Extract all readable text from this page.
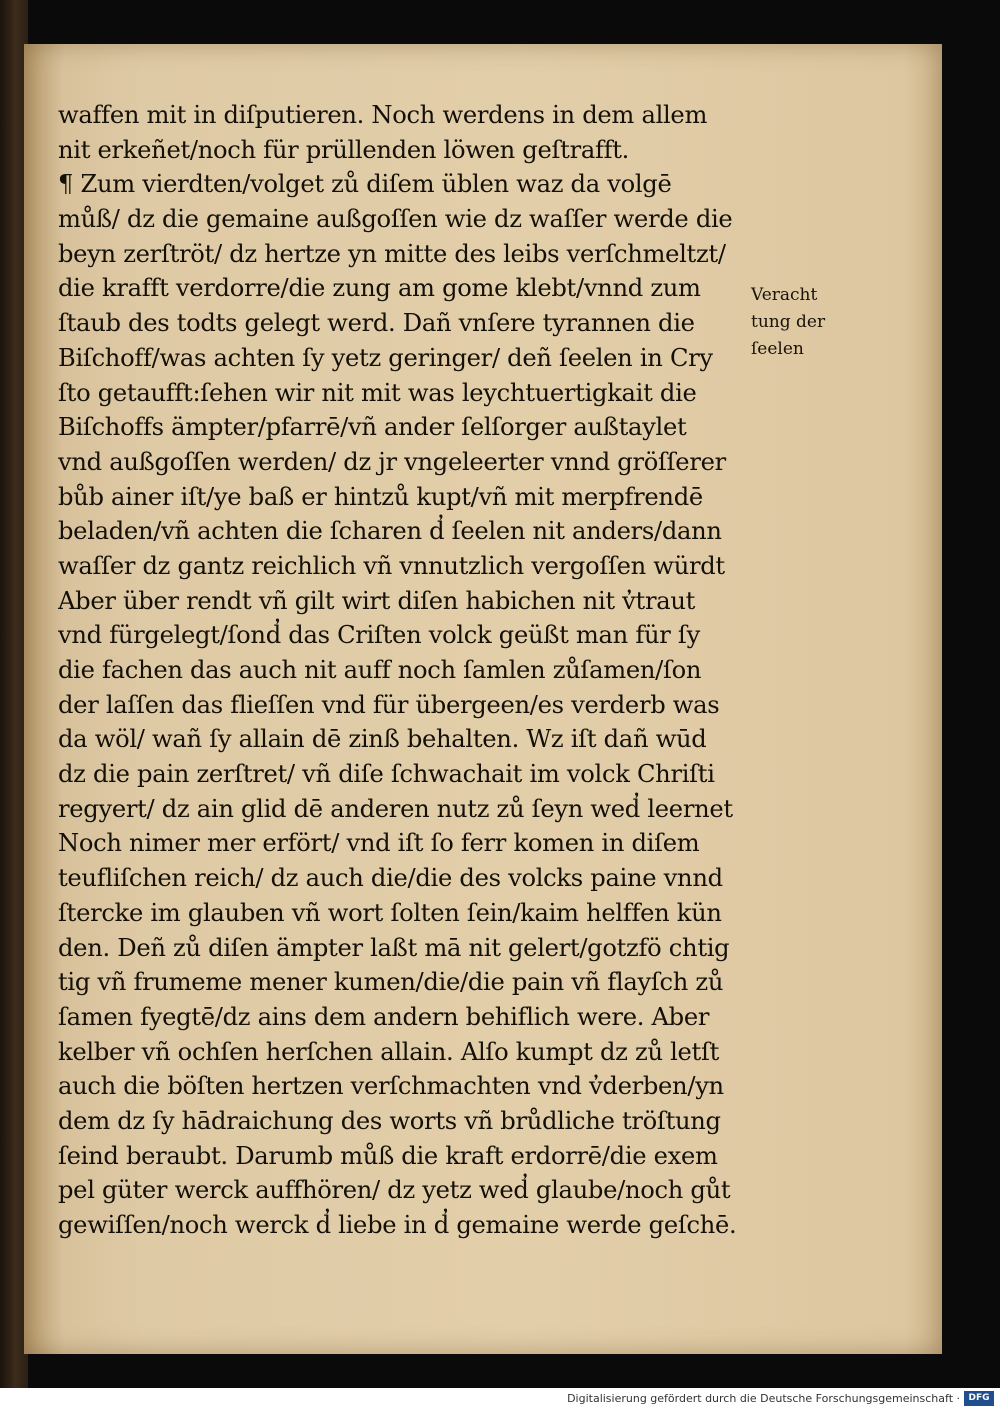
waffen mit in diſputieren. Noch werdens in dem allem
nit erkeñet/noch für prüllenden löwen geſtrafft.
¶ Zum vierdten/volget zů diſem üblen waz da volgē
můß/ dz die gemaine außgoſſen wie dz waſſer werde die
beyn zerſtröt/ dz hertze yn mitte des leibs verſchmeltzt/
die krafft verdorre/die zung am gome klebt/vnnd zum
ſtaub des todts gelegt werd. Dañ vnſere tyrannen die
Biſchoff/was achten ſy yetz geringer/ deñ ſeelen in Cry
ſto getaufft:ſehen wir nit mit was leychtuertigkait die
Biſchoffs ämpter/pfarrē/vñ ander ſelſorger außtaylet
vnd außgoſſen werden/ dz jr vngeleerter vnnd gröſſerer
bůb ainer iſt/ye baß er hintzů kupt/vñ mit merpfrendē
beladen/vñ achten die ſcharen d̓ ſeelen nit anders/dann
waſſer dz gantz reichlich vñ vnnutzlich vergoſſen würdt
Aber über rendt vñ gilt wirt diſen habichen nit v̓traut
vnd fürgelegt/ſond̓ das Criſten volck geüßt man für ſy
die fachen das auch nit auff noch ſamlen zůſamen/ſon
der laſſen das flieſſen vnd für übergeen/es verderb was
da wöl/ wañ ſy allain dē zinß behalten. Wz iſt dañ wūd
dz die pain zerſtret/ vñ diſe ſchwachait im volck Chriſti
regyert/ dz ain glid dē anderen nutz zů ſeyn wed̓ leernet
Noch nimer mer erfört/ vnd iſt ſo ferr komen in diſem
teufliſchen reich/ dz auch die/die des volcks paine vnnd
ſtercke im glauben vñ wort ſolten ſein/kaim helffen kün
den. Deñ zů diſen ämpter laßt mā nit gelert/gotzfö chtig
tig vñ frumeme mener kumen/die/die pain vñ flayſch zů
ſamen fyegtē/dz ains dem andern behiflich were. Aber
kelber vñ ochſen herſchen allain. Alſo kumpt dz zů letſt
auch die böſten hertzen verſchmachten vnd v̓derben/yn
dem dz ſy hādraichung des worts vñ brůdliche tröſtung
ſeind beraubt. Darumb můß die kraft erdorrē/die exem
pel güter werck auffhören/ dz yetz wed̓ glaube/noch gůt
gewiſſen/noch werck d̓ liebe in d̓ gemaine werde geſchē.
Veracht
tung der
ſeelen
Digitalisierung gefördert durch die Deutsche Forschungsgemeinschaft · DFG
